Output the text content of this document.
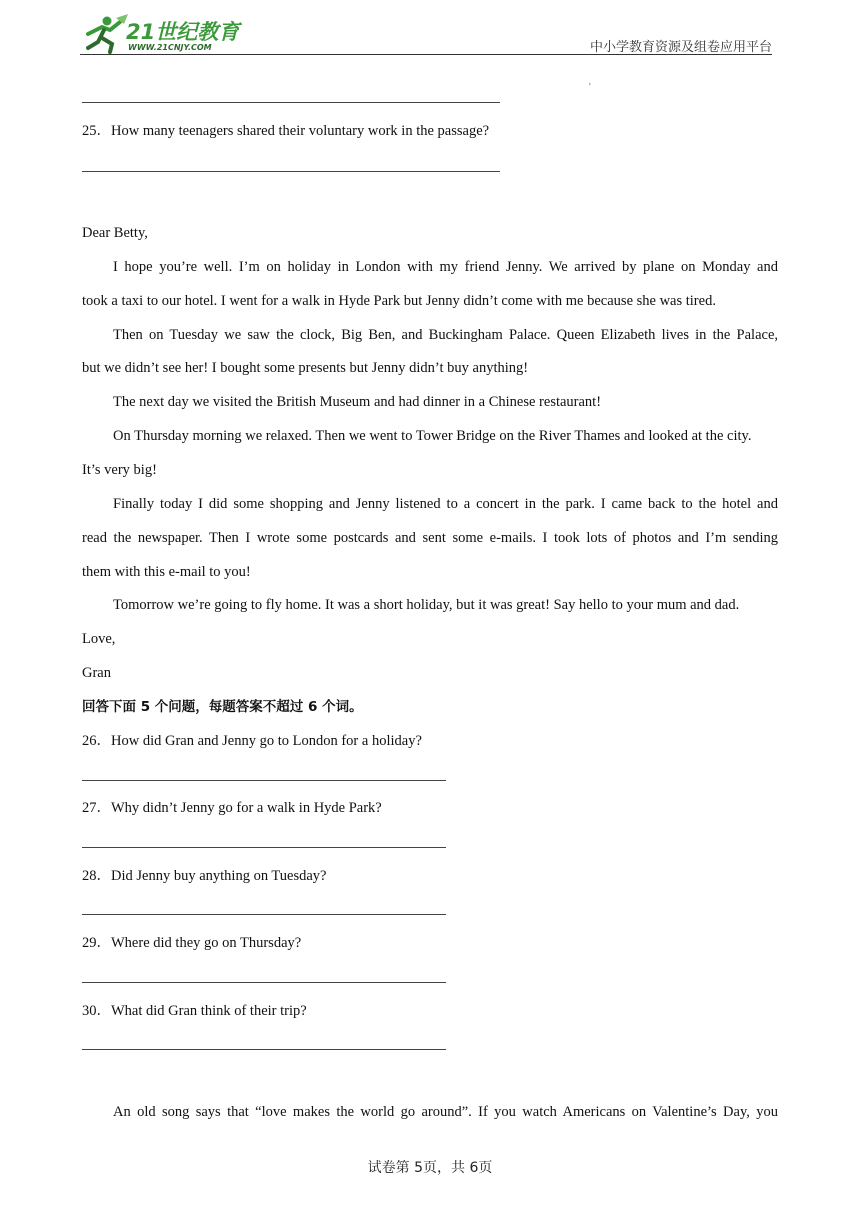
21世纪教育
WWW.21CNJY.COM	中小学教育资源及组卷应用平台
'
25．How many teenagers shared their voluntary work in the passage?
Dear Betty,
I hope you’re well. I’m on holiday in London with my friend Jenny. We arrived by plane on Monday and
took a taxi to our hotel. I went for a walk in Hyde Park but Jenny didn’t come with me because she was tired.
Then on Tuesday we saw the clock, Big Ben, and Buckingham Palace. Queen Elizabeth lives in the Palace,
but we didn’t see her! I bought some presents but Jenny didn’t buy anything!
The next day we visited the British Museum and had dinner in a Chinese restaurant!
On Thursday morning we relaxed. Then we went to Tower Bridge on the River Thames and looked at the city.
It’s very big!
Finally today I did some shopping and Jenny listened to a concert in the park. I came back to the hotel and
read the newspaper. Then I wrote some postcards and sent some e-mails. I took lots of photos and I’m sending
them with this e-mail to you!
Tomorrow we’re going to fly home. It was a short holiday, but it was great! Say hello to your mum and dad.
Love,
Gran
回答下面 5 个问题，每题答案不超过 6 个词。
26．How did Gran and Jenny go to London for a holiday?
27．Why didn’t Jenny go for a walk in Hyde Park?
28．Did Jenny buy anything on Tuesday?
29．Where did they go on Thursday?
30．What did Gran think of their trip?
An old song says that “love makes the world go around”. If you watch Americans on Valentine’s Day, you
试卷第 5页，共 6页
